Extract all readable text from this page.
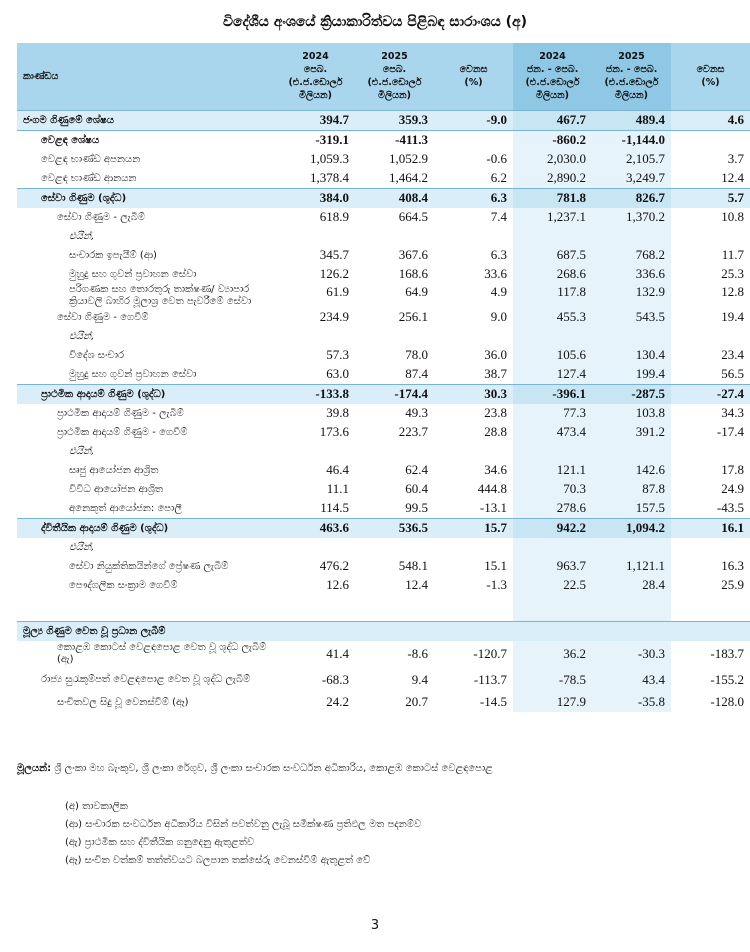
විදේශීය අංශයේ ක්‍රියාකාරිත්වය පිළිබඳ සාරාංශය (අ)
කාණ්ඩය	2024
පෙබ.
(එ.ජ.ඩොලර්
මිලියන)	2025
පෙබ.
(එ.ජ.ඩොලර්
මිලියන)	වෙනස
(%)	2024
ජන. - පෙබ.
(එ.ජ.ඩොලර්
මිලියන)	2025
ජන. - පෙබ.
(එ.ජ.ඩොලර්
මිලියන)	වෙනස
(%)
ජංගම ගිණුමේ ශේෂය	394.7	359.3	-9.0	467.7	489.4	4.6
වෙළඳ ශේෂය	-319.1	-411.3		-860.2	-1,144.0	
වෙළඳ භාණ්ඩ අපනයන	1,059.3	1,052.9	-0.6	2,030.0	2,105.7	3.7
වෙළඳ භාණ්ඩ ආනයන	1,378.4	1,464.2	6.2	2,890.2	3,249.7	12.4
සේවා ගිණුම (ශුද්ධ)	384.0	408.4	6.3	781.8	826.7	5.7
සේවා ගිණුම - ලැබීම්	618.9	664.5	7.4	1,237.1	1,370.2	10.8
එයින්,						
සංචාරක ඉපැයීම් (ආ)	345.7	367.6	6.3	687.5	768.2	11.7
මුහුදු සහ ගුවන් ප්‍රවාහන සේවා	126.2	168.6	33.6	268.6	336.6	25.3
පරිගණක සහ තොරතුරු තාක්ෂණ/ ව්‍යාපාර ක්‍රියාවලි බාහිර මූලාශ්‍ර වෙත පැවරීමේ සේවා	61.9	64.9	4.9	117.8	132.9	12.8
සේවා ගිණුම - ගෙවීම්	234.9	256.1	9.0	455.3	543.5	19.4
එයින්,						
විදේශ සංචාර	57.3	78.0	36.0	105.6	130.4	23.4
මුහුදු සහ ගුවන් ප්‍රවාහන සේවා	63.0	87.4	38.7	127.4	199.4	56.5
ප්‍රාථමික ආදායම් ගිණුම (ශුද්ධ)	-133.8	-174.4	30.3	-396.1	-287.5	-27.4
ප්‍රාථමික ආදායම් ගිණුම - ලැබීම්	39.8	49.3	23.8	77.3	103.8	34.3
ප්‍රාථමික ආදායම් ගිණුම - ගෙවීම්	173.6	223.7	28.8	473.4	391.2	-17.4
එයින්,						
සෘජු ආයෝජන ආශ්‍රිත	46.4	62.4	34.6	121.1	142.6	17.8
විවිධ ආයෝජන ආශ්‍රිත	11.1	60.4	444.8	70.3	87.8	24.9
අනෙකුත් ආයෝජන: පොලී	114.5	99.5	-13.1	278.6	157.5	-43.5
ද්විතීයික ආදායම් ගිණුම (ශුද්ධ)	463.6	536.5	15.7	942.2	1,094.2	16.1
එයින්,						
සේවා නියුක්තිකයින්ගේ ප්‍රේෂණ ලැබීම්	476.2	548.1	15.1	963.7	1,121.1	16.3
පෞද්ගලික සංක්‍රාම ගෙවීම්	12.6	12.4	-1.3	22.5	28.4	25.9

මූල්‍ය ගිණුම වෙත වූ ප්‍රධාන ලැබීම්						
කොළඹ කොටස් වෙළඳපොළ වෙත වූ ශුද්ධ ලැබීම් (ඇ)	41.4	-8.6	-120.7	36.2	-30.3	-183.7
රාජ්‍ය සුරැකුම්පත් වෙළඳපොළ වෙත වූ ශුද්ධ ලැබීම්	-68.3	9.4	-113.7	-78.5	43.4	-155.2
සංචිතවල සිදු වූ වෙනස්වීම් (ඈ)	24.2	20.7	-14.5	127.9	-35.8	-128.0
මූලයන්: ශ්‍රී ලංකා මහ බැංකුව, ශ්‍රී ලංකා රේගුව, ශ්‍රී ලංකා සංචාරක සංවර්ධන අධිකාරිය, කොළඹ කොටස් වෙළඳපොළ
(අ) තාවකාලික
(ආ) සංචාරක සංවර්ධන අධිකාරිය විසින් පවත්වනු ලැබූ සමීක්ෂණ ප්‍රතිඵල මත පදනම්ව
(ඇ) ප්‍රාථමික සහ ද්විතීයික ගනුදෙනු ඇතුළත්ව
(ඈ) සංචිත වත්කම් තත්ත්වයට බලපාන තක්සේරු වෙනස්වීම් ඇතුළත් වේ
3
